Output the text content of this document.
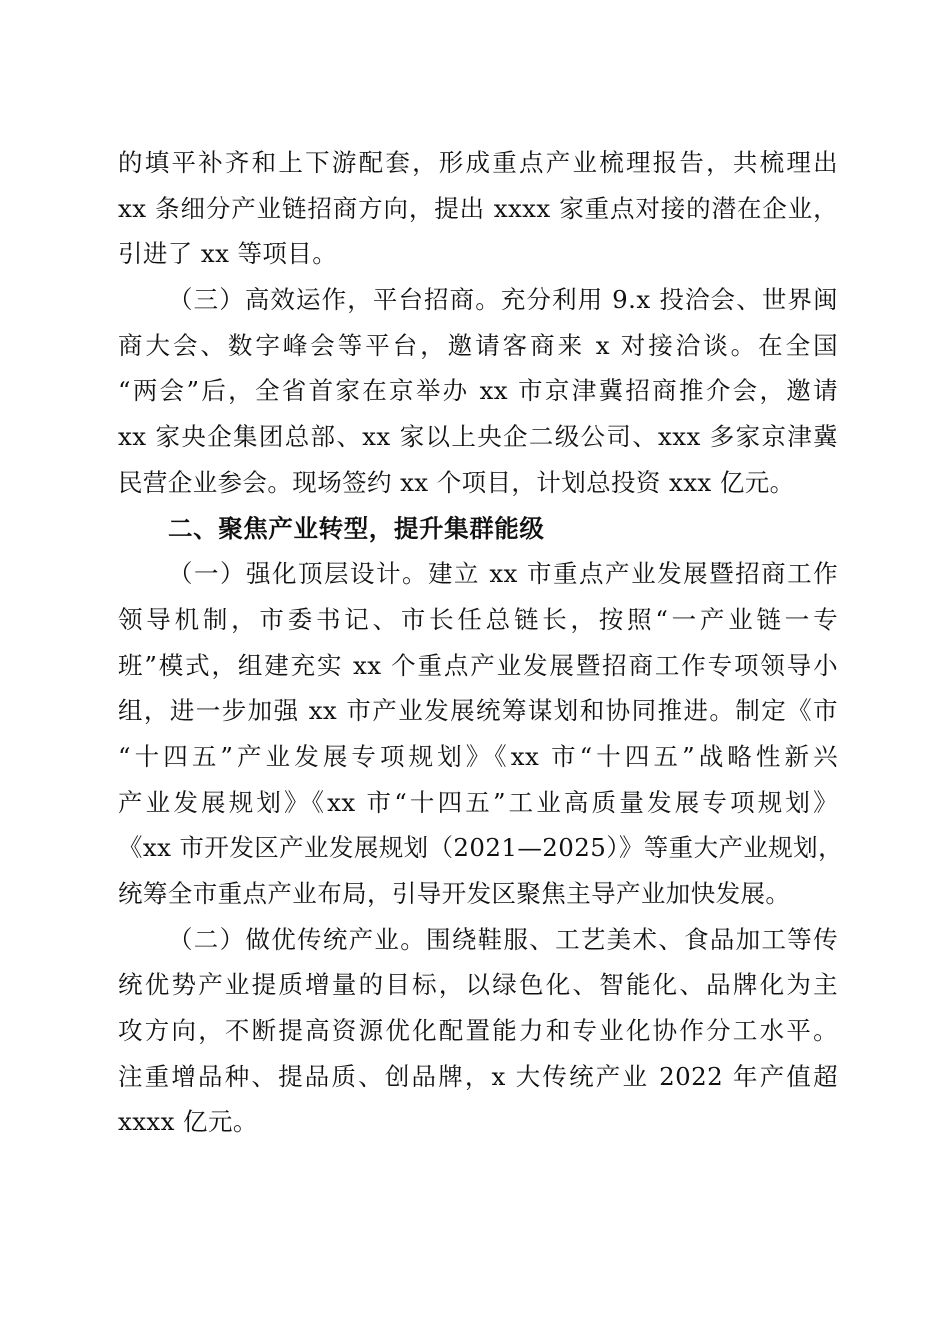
的填平补齐和上下游配套，形成重点产业梳理报告，共梳理出
xx 条细分产业链招商方向，提出 xxxx 家重点对接的潜在企业，
引进了 xx 等项目。
（三）高效运作，平台招商。充分利用 9.x 投洽会、世界闽
商大会、数字峰会等平台，邀请客商来 x 对接洽谈。在全国
“两会”后，全省首家在京举办 xx 市京津冀招商推介会，邀请
xx 家央企集团总部、xx 家以上央企二级公司、xxx 多家京津冀
民营企业参会。现场签约 xx 个项目，计划总投资 xxx 亿元。
二、聚焦产业转型，提升集群能级
（一）强化顶层设计。建立 xx 市重点产业发展暨招商工作
领导机制，市委书记、市长任总链长，按照“一产业链一专
班”模式，组建充实 xx 个重点产业发展暨招商工作专项领导小
组，进一步加强 xx 市产业发展统筹谋划和协同推进。制定《市
“十四五”产业发展专项规划》《xx 市“十四五”战略性新兴
产业发展规划》《xx 市“十四五”工业高质量发展专项规划》
《xx 市开发区产业发展规划（2021—2025）》等重大产业规划，
统筹全市重点产业布局，引导开发区聚焦主导产业加快发展。
（二）做优传统产业。围绕鞋服、工艺美术、食品加工等传
统优势产业提质增量的目标，以绿色化、智能化、品牌化为主
攻方向，不断提高资源优化配置能力和专业化协作分工水平。
注重增品种、提品质、创品牌，x 大传统产业 2022 年产值超
xxxx 亿元。
